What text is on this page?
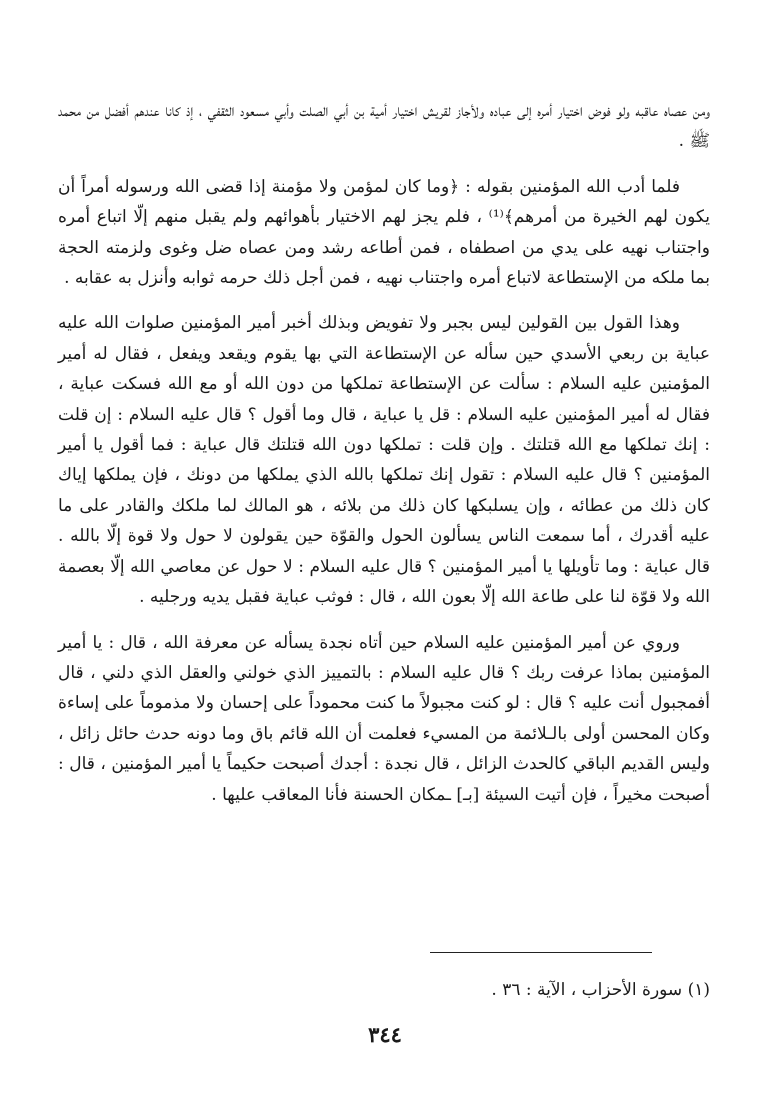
ومن عصاه عاقبه ولو فوض اختيار أمره إلى عباده ولأجاز لقريش اختيار أمية بن أبي الصلت وأبي مسعود الثقفي ، إذ كانا عندهم أفضل من محمد ﷺ .

فلما أدب الله المؤمنين بقوله : ﴿وما كان لمؤمن ولا مؤمنة إذا قضى الله ورسوله أمراً أن يكون لهم الخيرة من أمرهم﴾⁽¹⁾ ، فلم يجز لهم الاختيار بأهوائهم ولم يقبل منهم إلّا اتباع أمره واجتناب نهيه على يدي من اصطفاه ، فمن أطاعه رشد ومن عصاه ضل وغوى ولزمته الحجة بما ملكه من الإستطاعة لاتباع أمره واجتناب نهيه ، فمن أجل ذلك حرمه ثوابه وأنزل به عقابه .

وهذا القول بين القولين ليس بجبر ولا تفويض وبذلك أخبر أمير المؤمنين صلوات الله عليه عباية بن ربعي الأسدي حين سأله عن الإستطاعة التي بها يقوم ويقعد ويفعل ، فقال له أمير المؤمنين عليه السلام : سألت عن الإستطاعة تملكها من دون الله أو مع الله فسكت عباية ، فقال له أمير المؤمنين عليه السلام : قل يا عباية ، قال وما أقول ؟ قال عليه السلام : إن قلت : إنك تملكها مع الله قتلتك . وإن قلت : تملكها دون الله قتلتك قال عباية : فما أقول يا أمير المؤمنين ؟ قال عليه السلام : تقول إنك تملكها بالله الذي يملكها من دونك ، فإن يملكها إياك كان ذلك من عطائه ، وإن يسلبكها كان ذلك من بلائه ، هو المالك لما ملكك والقادر على ما عليه أقدرك ، أما سمعت الناس يسألون الحول والقوّة حين يقولون لا حول ولا قوة إلّا بالله . قال عباية : وما تأويلها يا أمير المؤمنين ؟ قال عليه السلام : لا حول عن معاصي الله إلّا بعصمة الله ولا قوّة لنا على طاعة الله إلّا بعون الله ، قال : فوثب عباية فقبل يديه ورجليه .

وروي عن أمير المؤمنين عليه السلام حين أتاه نجدة يسأله عن معرفة الله ، قال : يا أمير المؤمنين بماذا عرفت ربك ؟ قال عليه السلام : بالتمييز الذي خولني والعقل الذي دلني ، قال أفمجبول أنت عليه ؟ قال : لو كنت مجبولاً ما كنت محموداً على إحسان ولا مذموماً على إساءة وكان المحسن أولى بالـلائمة من المسيء فعلمت أن الله قائم باق وما دونه حدث حائل زائل ، وليس القديم الباقي كالحدث الزائل ، قال نجدة : أجدك أصبحت حكيماً يا أمير المؤمنين ، قال : أصبحت مخيراً ، فإن أتيت السيئة [بـ] ـمكان الحسنة فأنا المعاقب عليها .

(١) سورة الأحزاب ، الآية : ٣٦ .
٣٤٤
